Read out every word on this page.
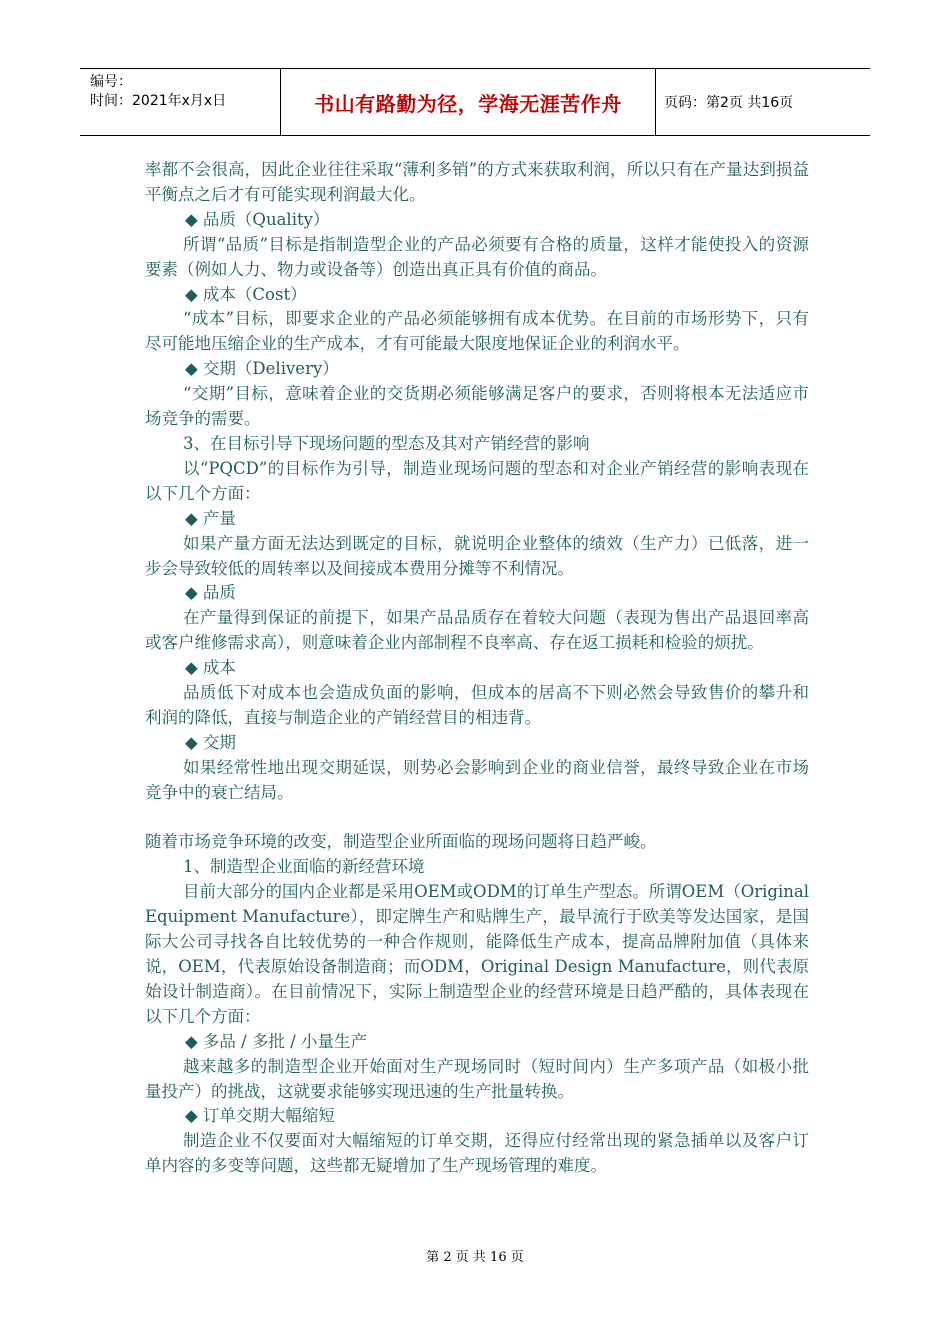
编号：
时间：2021年x月x日	书山有路勤为径，学海无涯苦作舟	页码：第2页 共16页

率都不会很高，因此企业往往采取“薄利多销”的方式来获取利润，所以只有在产量达到损益平衡点之后才有可能实现利润最大化。

◆ 品质（Quality）

所谓“品质”目标是指制造型企业的产品必须要有合格的质量，这样才能使投入的资源要素（例如人力、物力或设备等）创造出真正具有价值的商品。

◆ 成本（Cost）

“成本”目标，即要求企业的产品必须能够拥有成本优势。在目前的市场形势下，只有尽可能地压缩企业的生产成本，才有可能最大限度地保证企业的利润水平。

◆ 交期（Delivery）

“交期”目标，意味着企业的交货期必须能够满足客户的要求，否则将根本无法适应市场竞争的需要。

3、在目标引导下现场问题的型态及其对产销经营的影响

以“PQCD”的目标作为引导，制造业现场问题的型态和对企业产销经营的影响表现在以下几个方面：

◆ 产量

如果产量方面无法达到既定的目标，就说明企业整体的绩效（生产力）已低落，进一步会导致较低的周转率以及间接成本费用分摊等不利情况。

◆ 品质

在产量得到保证的前提下，如果产品品质存在着较大问题（表现为售出产品退回率高或客户维修需求高），则意味着企业内部制程不良率高、存在返工损耗和检验的烦扰。

◆ 成本

品质低下对成本也会造成负面的影响，但成本的居高不下则必然会导致售价的攀升和利润的降低，直接与制造企业的产销经营目的相违背。

◆ 交期

如果经常性地出现交期延误，则势必会影响到企业的商业信誉，最终导致企业在市场竞争中的衰亡结局。

随着市场竞争环境的改变，制造型企业所面临的现场问题将日趋严峻。

1、制造型企业面临的新经营环境

目前大部分的国内企业都是采用OEM或ODM的订单生产型态。所谓OEM（Original Equipment Manufacture），即定牌生产和贴牌生产，最早流行于欧美等发达国家，是国际大公司寻找各自比较优势的一种合作规则，能降低生产成本，提高品牌附加值（具体来说，OEM，代表原始设备制造商；而ODM，Original Design Manufacture，则代表原始设计制造商）。在目前情况下，实际上制造型企业的经营环境是日趋严酷的，具体表现在以下几个方面：

◆ 多品 / 多批 / 小量生产

越来越多的制造型企业开始面对生产现场同时（短时间内）生产多项产品（如极小批量投产）的挑战，这就要求能够实现迅速的生产批量转换。

◆ 订单交期大幅缩短

制造企业不仅要面对大幅缩短的订单交期，还得应付经常出现的紧急插单以及客户订单内容的多变等问题，这些都无疑增加了生产现场管理的难度。

第 2 页 共 16 页
